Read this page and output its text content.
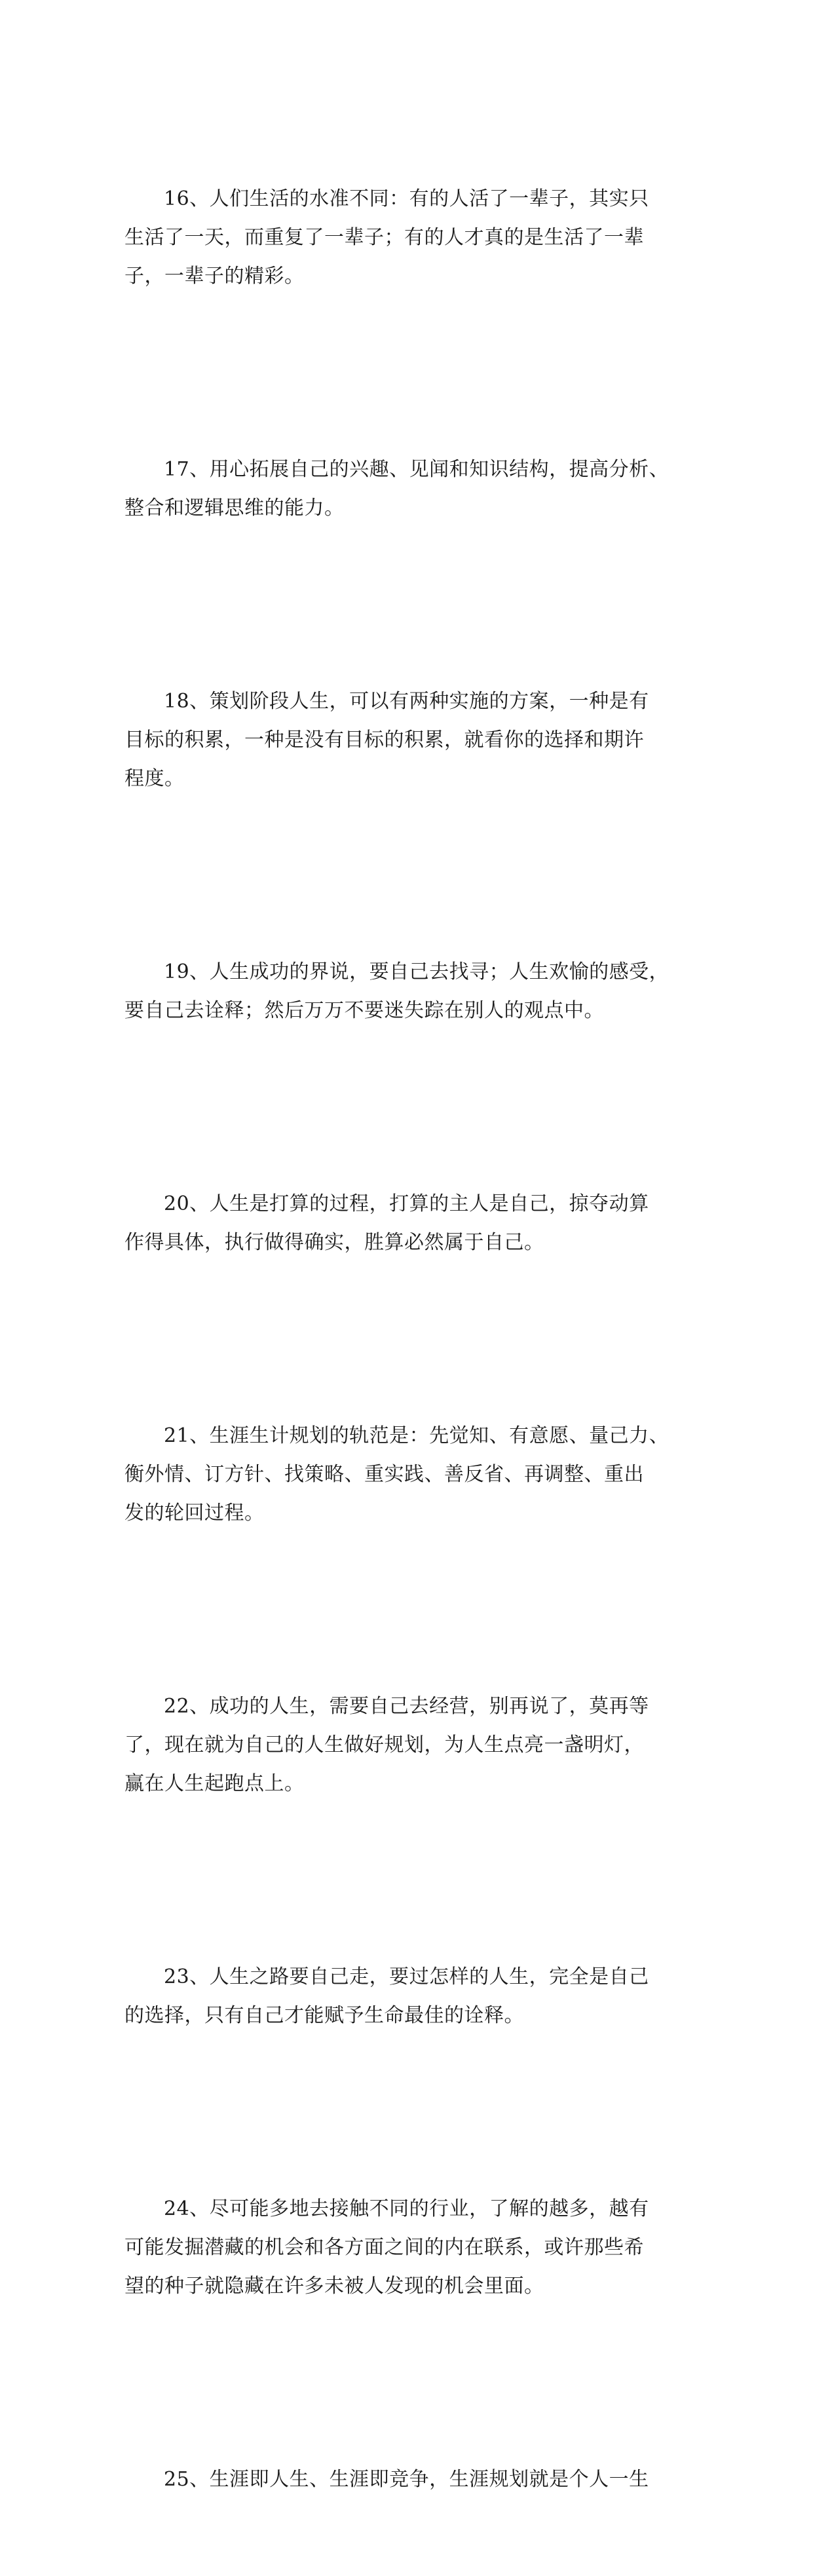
16、人们生活的水准不同：有的人活了一辈子，其实只
生活了一天，而重复了一辈子；有的人才真的是生活了一辈
子，一辈子的精彩。

17、用心拓展自己的兴趣、见闻和知识结构，提高分析、
整合和逻辑思维的能力。

18、策划阶段人生，可以有两种实施的方案，一种是有
目标的积累，一种是没有目标的积累，就看你的选择和期许
程度。

19、人生成功的界说，要自己去找寻；人生欢愉的感受，
要自己去诠释；然后万万不要迷失踪在别人的观点中。

20、人生是打算的过程，打算的主人是自己，掠夺动算
作得具体，执行做得确实，胜算必然属于自己。

21、生涯生计规划的轨范是：先觉知、有意愿、量己力、
衡外情、订方针、找策略、重实践、善反省、再调整、重出
发的轮回过程。

22、成功的人生，需要自己去经营，别再说了，莫再等
了，现在就为自己的人生做好规划，为人生点亮一盏明灯，
赢在人生起跑点上。

23、人生之路要自己走，要过怎样的人生，完全是自己
的选择，只有自己才能赋予生命最佳的诠释。

24、尽可能多地去接触不同的行业，了解的越多，越有
可能发掘潜藏的机会和各方面之间的内在联系，或许那些希
望的种子就隐藏在许多未被人发现的机会里面。

25、生涯即人生、生涯即竞争，生涯规划就是个人一生
